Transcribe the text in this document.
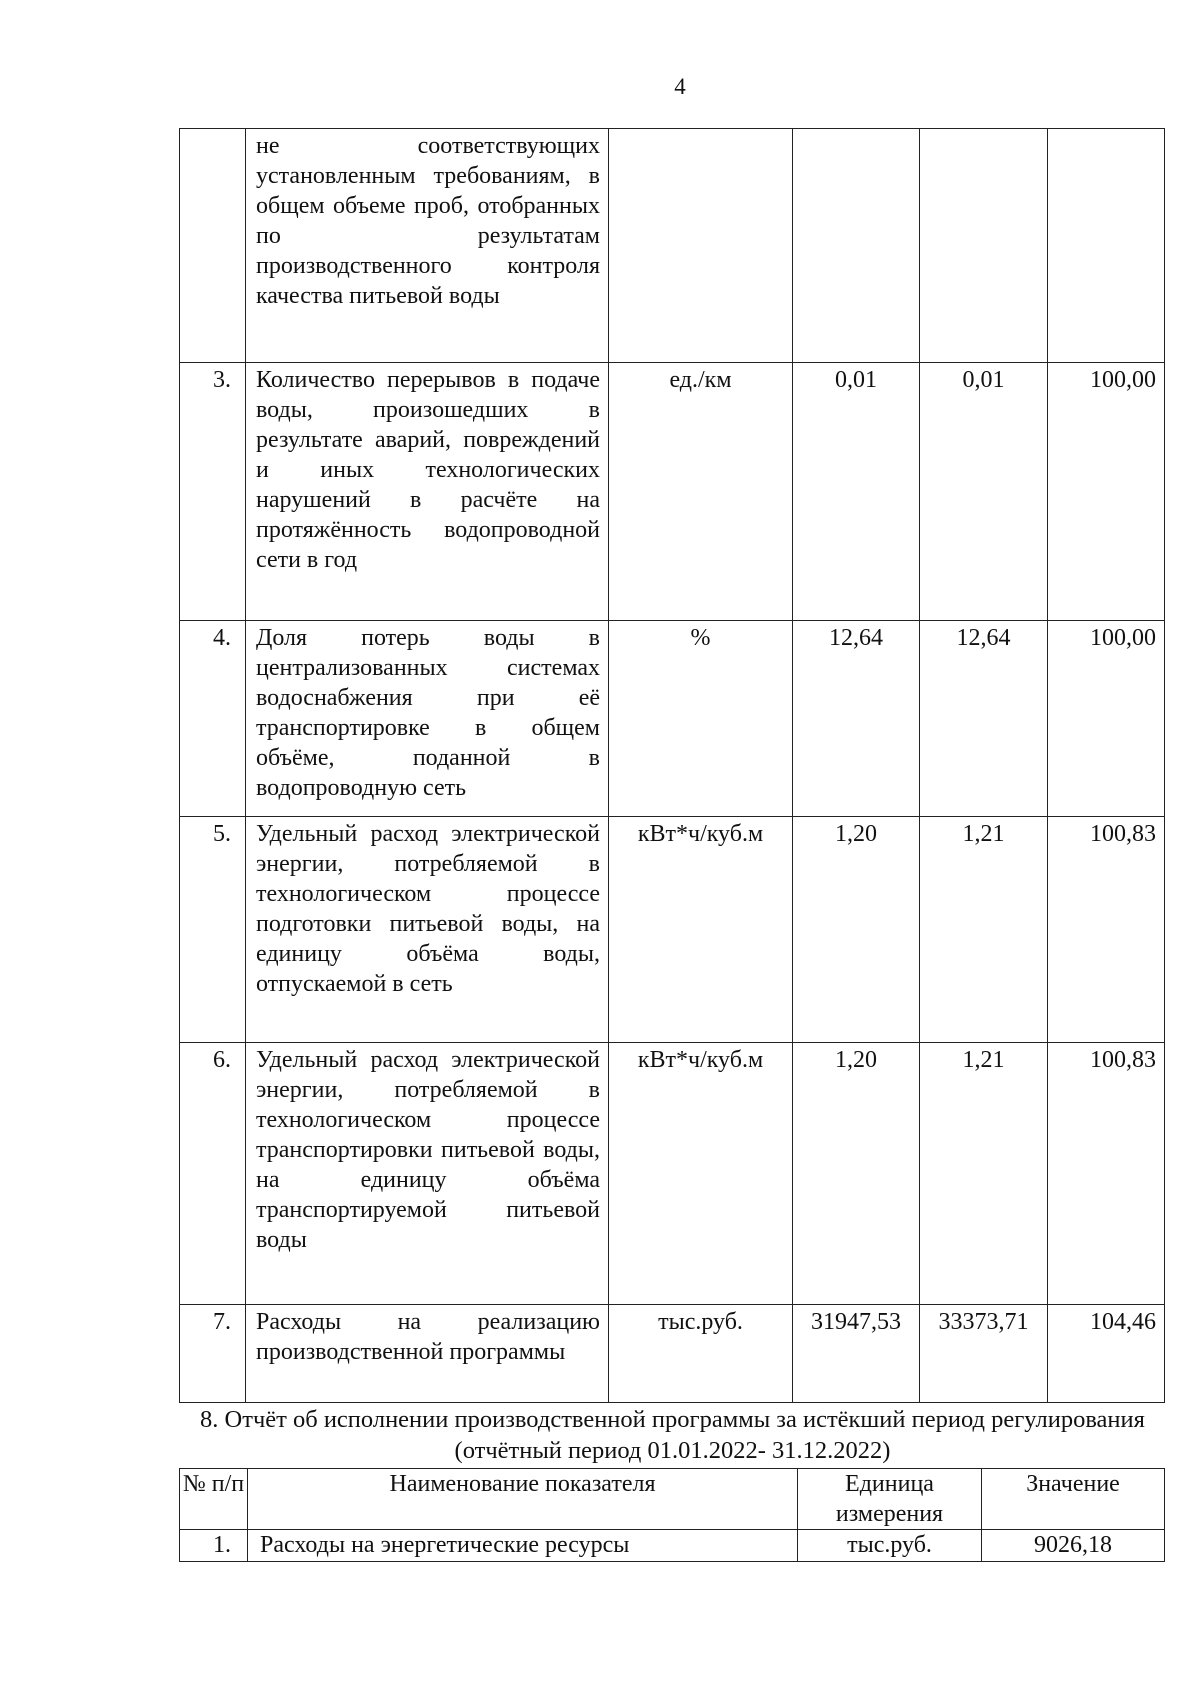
4
	не соответствующих установленным требованиям, в общем объеме проб, отобранных по результатам производственного контроля качества питьевой воды				
3.	Количество перерывов в подаче воды, произошедших в результате аварий, повреждений и иных технологических нарушений в расчёте на протяжённость водопроводной сети в год	ед./км	0,01	0,01	100,00
4.	Доля потерь воды в централизованных системах водоснабжения при её транспортировке в общем объёме, поданной в водопроводную сеть	%	12,64	12,64	100,00
5.	Удельный расход электрической энергии, потребляемой в технологическом процессе подготовки питьевой воды, на единицу объёма воды, отпускаемой в сеть	кВт*ч/куб.м	1,20	1,21	100,83
6.	Удельный расход электрической энергии, потребляемой в технологическом процессе транспортировки питьевой воды, на единицу объёма транспортируемой питьевой воды	кВт*ч/куб.м	1,20	1,21	100,83
7.	Расходы на реализацию производственной программы	тыс.руб.	31947,53	33373,71	104,46
8. Отчёт об исполнении производственной программы за истёкший период регулирования (отчётный период 01.01.2022- 31.12.2022)
№ п/п	Наименование показателя	Единица измерения	Значение
1.	Расходы на энергетические ресурсы	тыс.руб.	9026,18
